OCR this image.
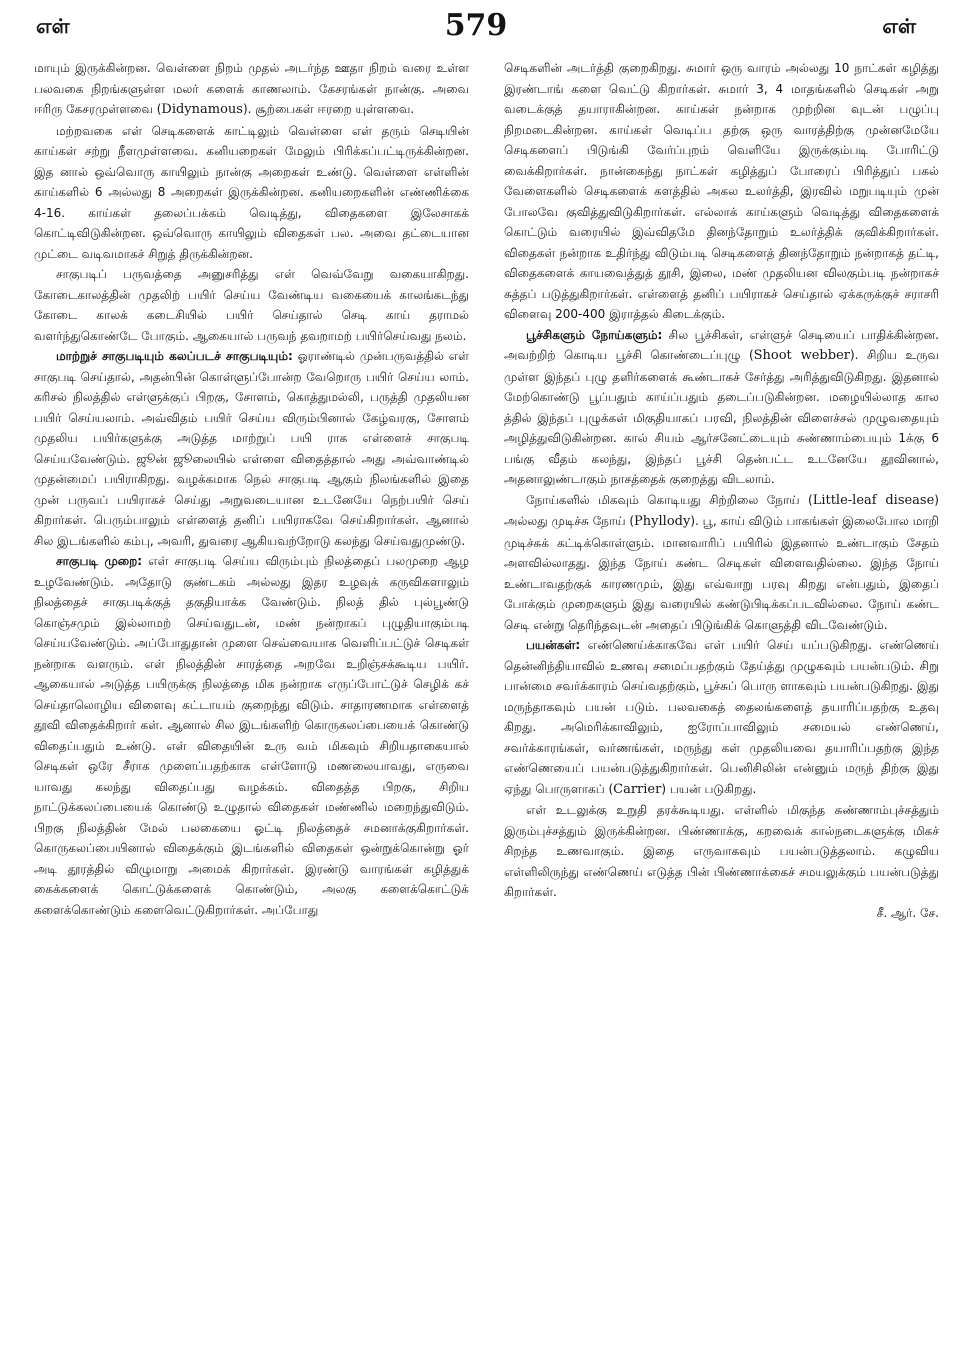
எள்	579	எள்

மாயும் இருக்கின்றன. வெள்ளை நிறம் முதல் அடர்ந்த ஊதா நிறம் வரை உள்ள பலவகை நிறங்களுள்ள மலர் களைக் காணலாம். கேசரங்கள் நான்கு. அவை ஈரிரு கேசரமுள்ளவை (Didynamous). சூற்பைகள் ஈரறை யுள்ளவை.

மற்றவகை எள் செடிகளைக் காட்டிலும் வெள்ளை எள் தரும் செடியின் காய்கள் சற்று நீளமுள்ளவை. கனியறைகள் மேலும் பிரிக்கப்பட்டிருக்கின்றன. இத னால் ஒவ்வொரு காயிலும் நான்கு அறைகள் உண்டு. வெள்ளை எள்ளின் காய்களில் 6 அல்லது 8 அறைகள் இருக்கின்றன. கனியறைகளின் எண்ணிக்கை 4-16. காய்கள் தலைப்பக்கம் வெடித்து, விதைகளை இலேசாகக் கொட்டிவிடுகின்றன. ஒவ்வொரு காயிலும் விதைகள் பல. அவை தட்டையான முட்டை வடிவமாகச் சிறுத் திருக்கின்றன.

சாகுபடிப் பருவத்தை அனுசரித்து எள் வெவ்வேறு வகையாகிறது. கோடைகாலத்தின் முதலிற் பயிர் செய்ய வேண்டிய வகையைக் காலங்கடந்து கோடை காலக் கடைசியில் பயிர் செய்தால் செடி காய் தராமல் வளர்ந்துகொண்டே போகும். ஆகையால் பருவந் தவறாமற் பயிர்செய்வது நலம்.

மாற்றுச் சாகுபடியும் கலப்படச் சாகுபடியும்: ஓராண்டில் முன்பருவத்தில் எள் சாகுபடி செய்தால், அதன்பின் கொள்ளுப்போன்ற வேறொரு பயிர் செய்ய லாம். கரிசல் நிலத்தில் எள்ளுக்குப் பிறகு, சோளம், கொத்துமல்லி, பருத்தி முதலியன பயிர் செய்யலாம். அவ்விதம் பயிர் செய்ய விரும்பினால் கேழ்வரகு, சோளம் முதலிய பயிர்களுக்கு அடுத்த மாற்றுப் பயி ராக எள்ளைச் சாகுபடி செய்யவேண்டும். ஜூன் ஜூலையில் எள்ளை விதைத்தால் அது அவ்வாண்டில் முதன்மைப் பயிராகிறது. வழக்கமாக நெல் சாகுபடி ஆகும் நிலங்களில் இதை முன் பருவப் பயிராகச் செய்து அறுவடையான உடனேயே நெற்பயிர் செய் கிறார்கள். பெரும்பாலும் எள்ளைத் தனிப் பயிராகவே செய்கிறார்கள். ஆனால் சில இடங்களில் கம்பு, அவரி, துவரை ஆகியவற்றோடு கலந்து செய்வதுமுண்டு.

சாகுபடி முறை: எள் சாகுபடி செய்ய விரும்பும் நிலத்தைப் பலமுறை ஆழ உழவேண்டும். அதோடு குண்டகம் அல்லது இதர உழவுக் கருவிகளாலும் நிலத்தைச் சாகுபடிக்குத் தகுதியாக்க வேண்டும். நிலத் தில் புல்பூண்டு கொஞ்சமும் இல்லாமற் செய்வதுடன், மண் நன்றாகப் புழுதியாகும்படி செய்யவேண்டும். அப்போதுதான் முளை செவ்வையாக வெளிப்பட்டுச் செடிகள் நன்றாக வளரும். எள் நிலத்தின் சாரத்தை அறவே உறிஞ்சக்கூடிய பயிர். ஆகையால் அடுத்த பயிருக்கு நிலத்தை மிக நன்றாக எருப்போட்டுச் செழிக் கச் செய்தாலொழிய விளைவு கட்டாயம் குறைந்து விடும். சாதாரணமாக எள்ளைத் தூவி விதைக்கிறார் கள். ஆனால் சில இடங்களிற் கொருகலப்பையைக் கொண்டு விதைப்பதும் உண்டு. எள் விதையின் உரு வம் மிகவும் சிறியதாகையால் செடிகள் ஒரே சீராக முளைப்பதற்காக எள்ளோடு மணலையாவது, எருவை யாவது கலந்து விதைப்பது வழக்கம். விதைத்த பிறகு, சிறிய நாட்டுக்கலப்பையைக் கொண்டு உழுதால் விதைகள் மண்ணில் மறைந்துவிடும். பிறகு நிலத்தின் மேல் பலகையை ஓட்டி நிலத்தைச் சமனாக்குகிறார்கள். கொருகலப்பையினால் விதைக்கும் இடங்களில் விதைகள் ஒன்றுக்கொன்று ஓர் அடி தூரத்தில் விழுமாறு அமைக் கிறார்கள். இரண்டு வாரங்கள் கழித்துக் கைக்களைக் கொட்டுக்களைக் கொண்டும், அலகு களைக்கொட்டுக் களைக்கொண்டும் களைவெட்டுகிறார்கள். அப்போது

செடிகளின் அடர்த்தி குறைகிறது. சுமார் ஒரு வாரம் அல்லது 10 நாட்கள் கழித்து இரண்டாங் களை வெட்டு கிறார்கள். சுமார் 3, 4 மாதங்களில் செடிகள் அறு வடைக்குத் தயாராகின்றன. காய்கள் நன்றாக முற்றின வுடன் பழுப்பு நிறமடைகின்றன. காய்கள் வெடிப்ப தற்கு ஒரு வாரத்திற்கு முன்னமேயே செடிகளைப் பிடுங்கி வேர்ப்புறம் வெளியே இருக்கும்படி போரிட்டு வைக்கிறார்கள். நான்கைந்து நாட்கள் கழித்துப் போரைப் பிரித்துப் பகல் வேளைகளில் செடிகளைக் களத்தில் அகல உலர்த்தி, இரவில் மறுபடியும் முன் போலவே குவித்துவிடுகிறார்கள். எல்லாக் காய்களும் வெடித்து விதைகளைக் கொட்டும் வரையில் இவ்விதமே தினந்தோறும் உலர்த்திக் குவிக்கிறார்கள். விதைகள் நன்றாக உதிர்ந்து விடும்படி செடிகளைத் தினந்தோறும் நன்றாகத் தட்டி, விதைகளைக் காயவைத்துத் தூசி, இலை, மண் முதலியன விலகும்படி நன்றாகச் சுத்தப் படுத்துகிறார்கள். எள்ளைத் தனிப் பயிராகச் செய்தால் ஏக்கருக்குச் சராசரி விளைவு 200-400 இராத்தல் கிடைக்கும்.

பூச்சிகளும் நோய்களும்: சில பூச்சிகள், எள்ளுச் செடியைப் பாதிக்கின்றன. அவற்றிற் கொடிய பூச்சி கொண்டைப்புழு (Shoot webber). சிறிய உருவ முள்ள இந்தப் புழு தளிர்களைக் கூண்டாகச் சேர்த்து அரித்துவிடுகிறது. இதனால் மேற்கொண்டு பூப்பதும் காய்ப்பதும் தடைப்படுகின்றன. மழையில்லாத கால த்தில் இந்தப் புழுக்கள் மிகுதியாகப் பரவி, நிலத்தின் விளைச்சல் முழுவதையும் அழித்துவிடுகின்றன. கால் சியம் ஆர்சனேட்டையும் சுண்ணாம்பையும் 1க்கு 6 பங்கு வீதம் கலந்து, இந்தப் பூச்சி தென்பட்ட உடனேயே தூவினால், அதனாலுண்டாகும் நாசத்தைக் குறைத்து விடலாம்.

நோய்களில் மிகவும் கொடியது சிற்றிலை நோய் (Little-leaf disease) அல்லது முடிச்சு நோய் (Phyllody). பூ, காய் விடும் பாகங்கள் இலைபோல மாறி முடிச்சுக் கட்டிக்கொள்ளும். மானவாரிப் பயிரில் இதனால் உண்டாகும் சேதம் அளவில்லாதது. இந்த நோய் கண்ட செடிகள் விளைவதில்லை. இந்த நோய் உண்டாவதற்குக் காரணமும், இது எவ்வாறு பரவு கிறது என்பதும், இதைப் போக்கும் முறைகளும் இது வரையில் கண்டுபிடிக்கப்படவில்லை. நோய் கண்ட செடி என்று தெரிந்தவுடன் அதைப் பிடுங்கிக் கொளுத்தி விடவேண்டும்.

பயன்கள்: எண்ணெய்க்காகவே எள் பயிர் செய் யப்படுகிறது. எண்ணெய் தென்னிந்தியாவில் உணவு சமைப்பதற்கும் தேய்த்து முழுகவும் பயன்படும். சிறு பான்மை சவர்க்காரம் செய்வதற்கும், பூச்சுப் பொரு ளாகவும் பயன்படுகிறது. இது மருந்தாகவும் பயன் படும். பலவகைத் தைலங்களைத் தயாரிப்பதற்கு உதவு கிறது. அமெரிக்காவிலும், ஐரோப்பாவிலும் சமையல் எண்ணெய், சவர்க்காரங்கள், வர்ணங்கள், மருந்து கள் முதலியவை தயாரிப்பதற்கு இந்த எண்ணெயைப் பயன்படுத்துகிறார்கள். பெனிசிலின் என்னும் மருந் திற்கு இது ஏந்து பொருளாகப் (Carrier) பயன் படுகிறது.

எள் உடலுக்கு உறுதி தரக்கூடியது. எள்ளில் மிகுந்த சுண்ணாம்புச்சத்தும் இரும்புச்சத்தும் இருக்கின்றன. பிண்ணாக்கு, கறவைக் கால்நடைகளுக்கு மிகச் சிறந்த உணவாகும். இதை எருவாகவும் பயன்படுத்தலாம். கழுவிய எள்ளிலிருந்து எண்ணெய் எடுத்த பின் பிண்ணாக்கைச் சமயலுக்கும் பயன்படுத்து கிறார்கள்.

சீ. ஆர். சே.
